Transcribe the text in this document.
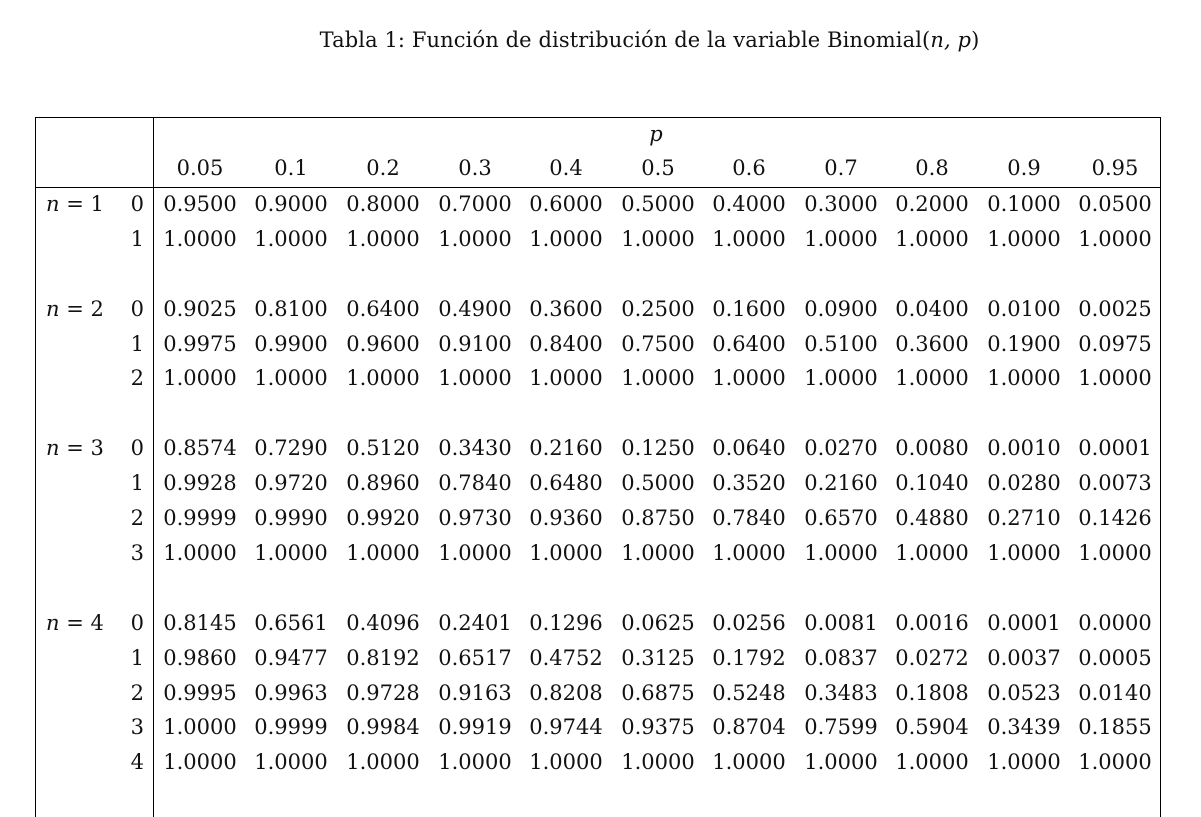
Tabla 1: Función de distribución de la variable Binomial(n, p)
p
0.05	0.1	0.2	0.3	0.4	0.5	0.6	0.7	0.8	0.9	0.95
n = 1	0 0.9500 0.9000 0.8000 0.7000 0.6000 0.5000 0.4000 0.3000 0.2000 0.1000 0.0500
1 1.0000 1.0000 1.0000 1.0000 1.0000 1.0000 1.0000 1.0000 1.0000 1.0000 1.0000
n = 2	0 0.9025 0.8100 0.6400 0.4900 0.3600 0.2500 0.1600 0.0900 0.0400 0.0100 0.0025
1 0.9975 0.9900 0.9600 0.9100 0.8400 0.7500 0.6400 0.5100 0.3600 0.1900 0.0975
2 1.0000 1.0000 1.0000 1.0000 1.0000 1.0000 1.0000 1.0000 1.0000 1.0000 1.0000
n = 3	0 0.8574 0.7290 0.5120 0.3430 0.2160 0.1250 0.0640 0.0270 0.0080 0.0010 0.0001
1 0.9928 0.9720 0.8960 0.7840 0.6480 0.5000 0.3520 0.2160 0.1040 0.0280 0.0073
2 0.9999 0.9990 0.9920 0.9730 0.9360 0.8750 0.7840 0.6570 0.4880 0.2710 0.1426
3 1.0000 1.0000 1.0000 1.0000 1.0000 1.0000 1.0000 1.0000 1.0000 1.0000 1.0000
n = 4	0 0.8145 0.6561 0.4096 0.2401 0.1296 0.0625 0.0256 0.0081 0.0016 0.0001 0.0000
1 0.9860 0.9477 0.8192 0.6517 0.4752 0.3125 0.1792 0.0837 0.0272 0.0037 0.0005
2 0.9995 0.9963 0.9728 0.9163 0.8208 0.6875 0.5248 0.3483 0.1808 0.0523 0.0140
3 1.0000 0.9999 0.9984 0.9919 0.9744 0.9375 0.8704 0.7599 0.5904 0.3439 0.1855
4 1.0000 1.0000 1.0000 1.0000 1.0000 1.0000 1.0000 1.0000 1.0000 1.0000 1.0000
